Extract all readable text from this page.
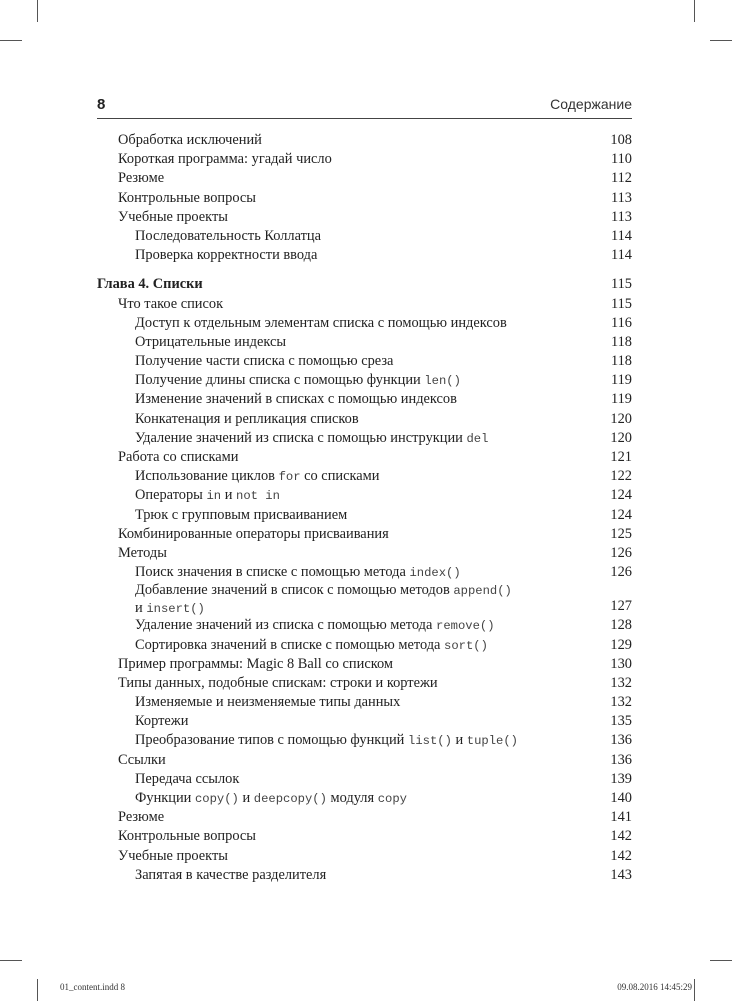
8	Содержание
Обработка исключений	108
Короткая программа: угадай число	110
Резюме	112
Контрольные вопросы	113
Учебные проекты	113
Последовательность Коллатца	114
Проверка корректности ввода	114
Глава 4. Списки	115
Что такое список	115
Доступ к отдельным элементам списка с помощью индексов	116
Отрицательные индексы	118
Получение части списка с помощью среза	118
Получение длины списка с помощью функции len()	119
Изменение значений в списках с помощью индексов	119
Конкатенация и репликация списков	120
Удаление значений из списка с помощью инструкции del	120
Работа со списками	121
Использование циклов for со списками	122
Операторы in и not in	124
Трюк с групповым присваиванием	124
Комбинированные операторы присваивания	125
Методы	126
Поиск значения в списке с помощью метода index()	126
Добавление значений в список с помощью методов append()
и insert()	127
Удаление значений из списка с помощью метода remove()	128
Сортировка значений в списке с помощью метода sort()	129
Пример программы: Magic 8 Ball со списком	130
Типы данных, подобные спискам: строки и кортежи	132
Изменяемые и неизменяемые типы данных	132
Кортежи	135
Преобразование типов с помощью функций list() и tuple()	136
Ссылки	136
Передача ссылок	139
Функции copy() и deepcopy() модуля copy	140
Резюме	141
Контрольные вопросы	142
Учебные проекты	142
Запятая в качестве разделителя	143
01_content.indd 8	09.08.2016 14:45:29
